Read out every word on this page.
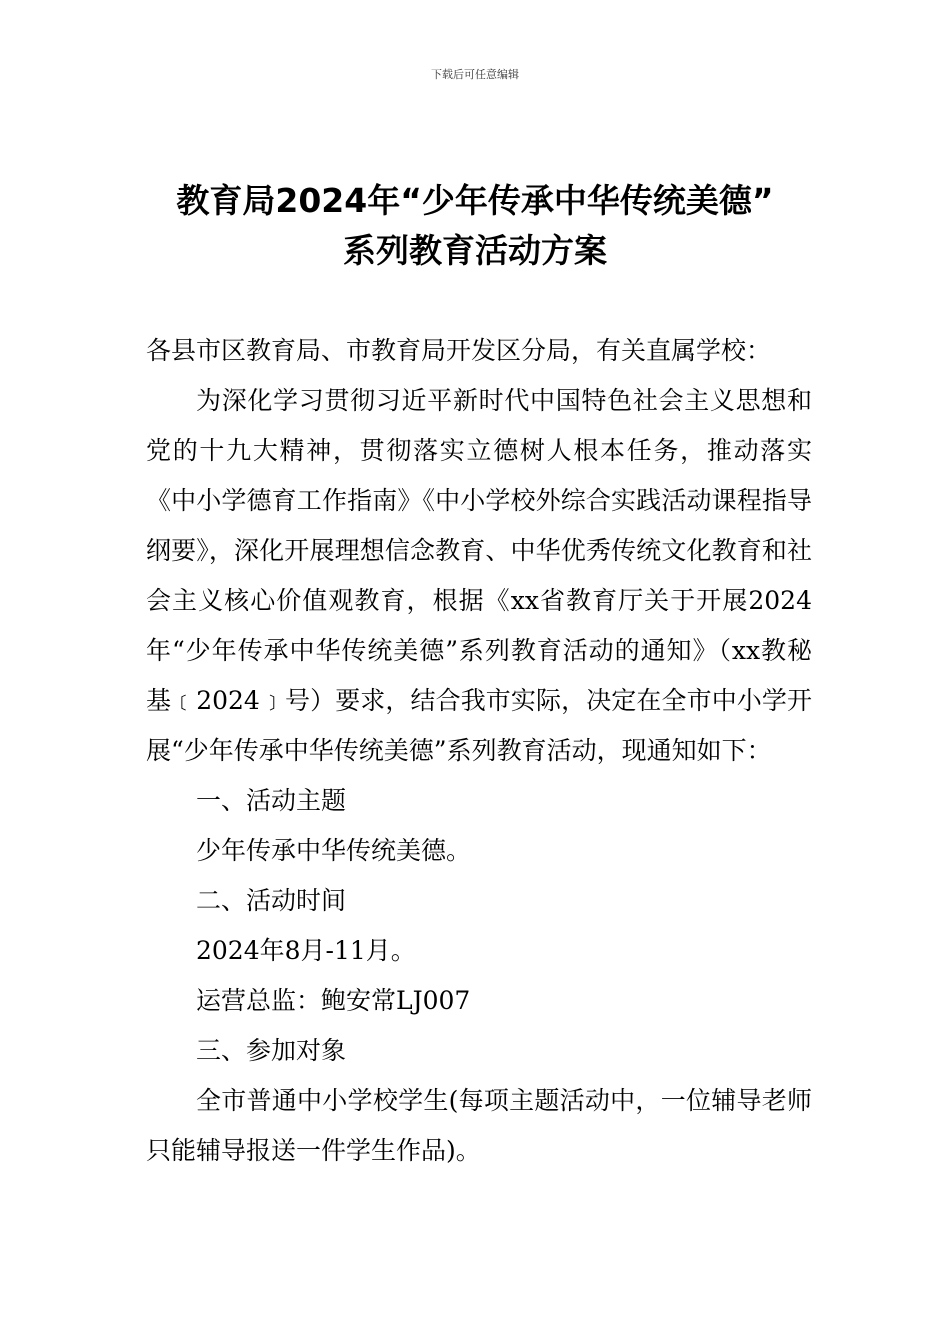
下载后可任意编辑
教育局2024年“少年传承中华传统美德”
系列教育活动方案

各县市区教育局、市教育局开发区分局，有关直属学校：

为深化学习贯彻习近平新时代中国特色社会主义思想和党的十九大精神，贯彻落实立德树人根本任务，推动落实《中小学德育工作指南》《中小学校外综合实践活动课程指导纲要》，深化开展理想信念教育、中华优秀传统文化教育和社会主义核心价值观教育，根据《xx省教育厅关于开展2024年“少年传承中华传统美德”系列教育活动的通知》（xx教秘基﹝2024﹞号）要求，结合我市实际，决定在全市中小学开展“少年传承中华传统美德”系列教育活动，现通知如下：

一、活动主题

少年传承中华传统美德。

二、活动时间

2024年8月-11月。

运营总监：鲍安常LJ007

三、参加对象

全市普通中小学校学生(每项主题活动中，一位辅导老师只能辅导报送一件学生作品)。
